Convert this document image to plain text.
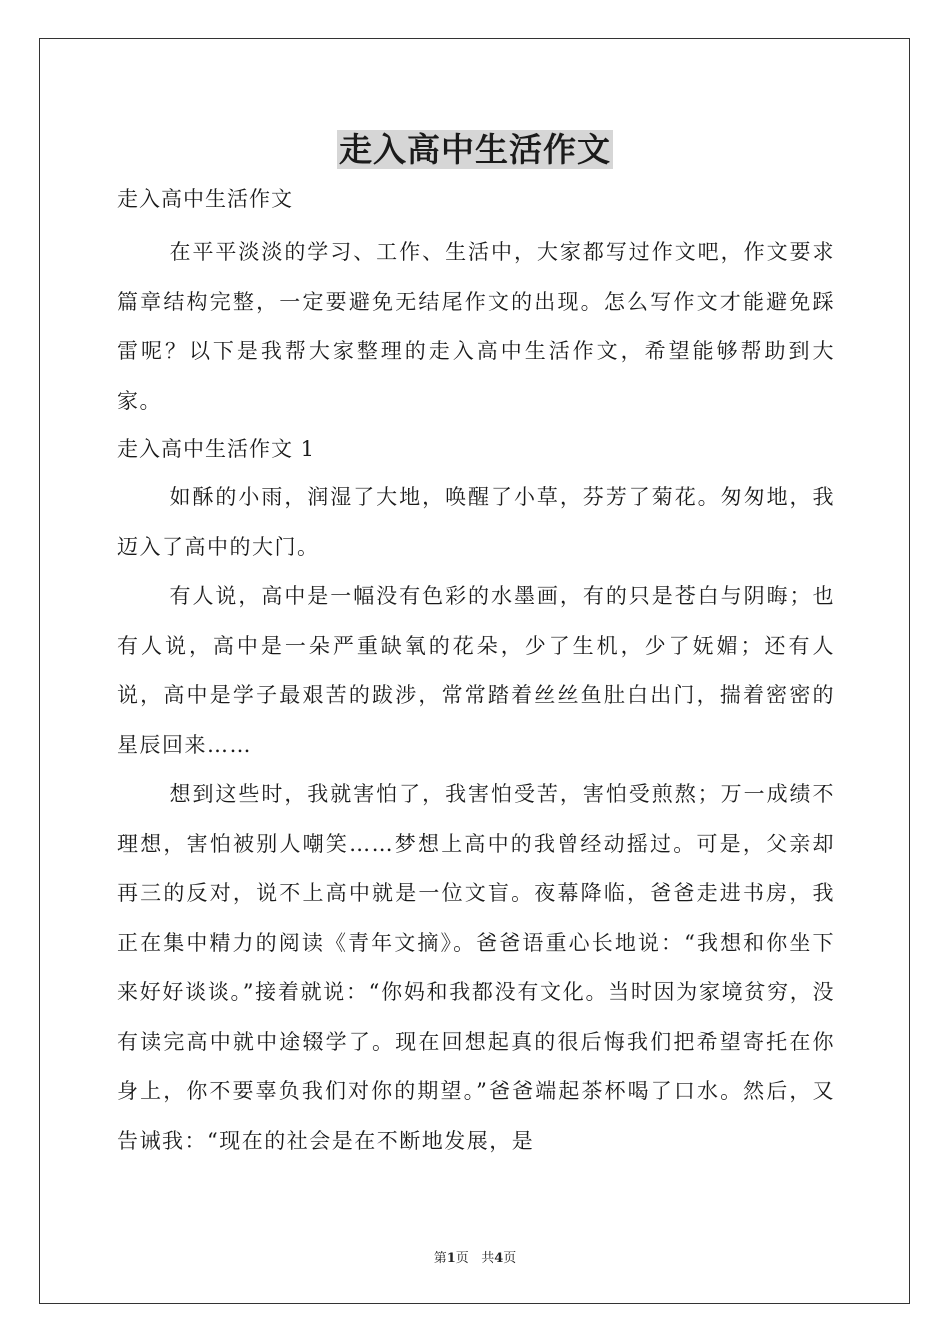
走入高中生活作文

走入高中生活作文

在平平淡淡的学习、工作、生活中，大家都写过作文吧，作文要求篇章结构完整，一定要避免无结尾作文的出现。怎么写作文才能避免踩雷呢？以下是我帮大家整理的走入高中生活作文，希望能够帮助到大家。

走入高中生活作文 1

如酥的小雨，润湿了大地，唤醒了小草，芬芳了菊花。匆匆地，我迈入了高中的大门。

有人说，高中是一幅没有色彩的水墨画，有的只是苍白与阴晦；也有人说，高中是一朵严重缺氧的花朵，少了生机，少了妩媚；还有人说，高中是学子最艰苦的跋涉，常常踏着丝丝鱼肚白出门，揣着密密的星辰回来……

想到这些时，我就害怕了，我害怕受苦，害怕受煎熬；万一成绩不理想，害怕被别人嘲笑……梦想上高中的我曾经动摇过。可是，父亲却再三的反对，说不上高中就是一位文盲。夜幕降临，爸爸走进书房，我正在集中精力的阅读《青年文摘》。爸爸语重心长地说：“我想和你坐下来好好谈谈。”接着就说：“你妈和我都没有文化。当时因为家境贫穷，没有读完高中就中途辍学了。现在回想起真的很后悔我们把希望寄托在你身上，你不要辜负我们对你的期望。”爸爸端起茶杯喝了口水。然后，又告诫我：“现在的社会是在不断地发展，是

第1页 共4页
